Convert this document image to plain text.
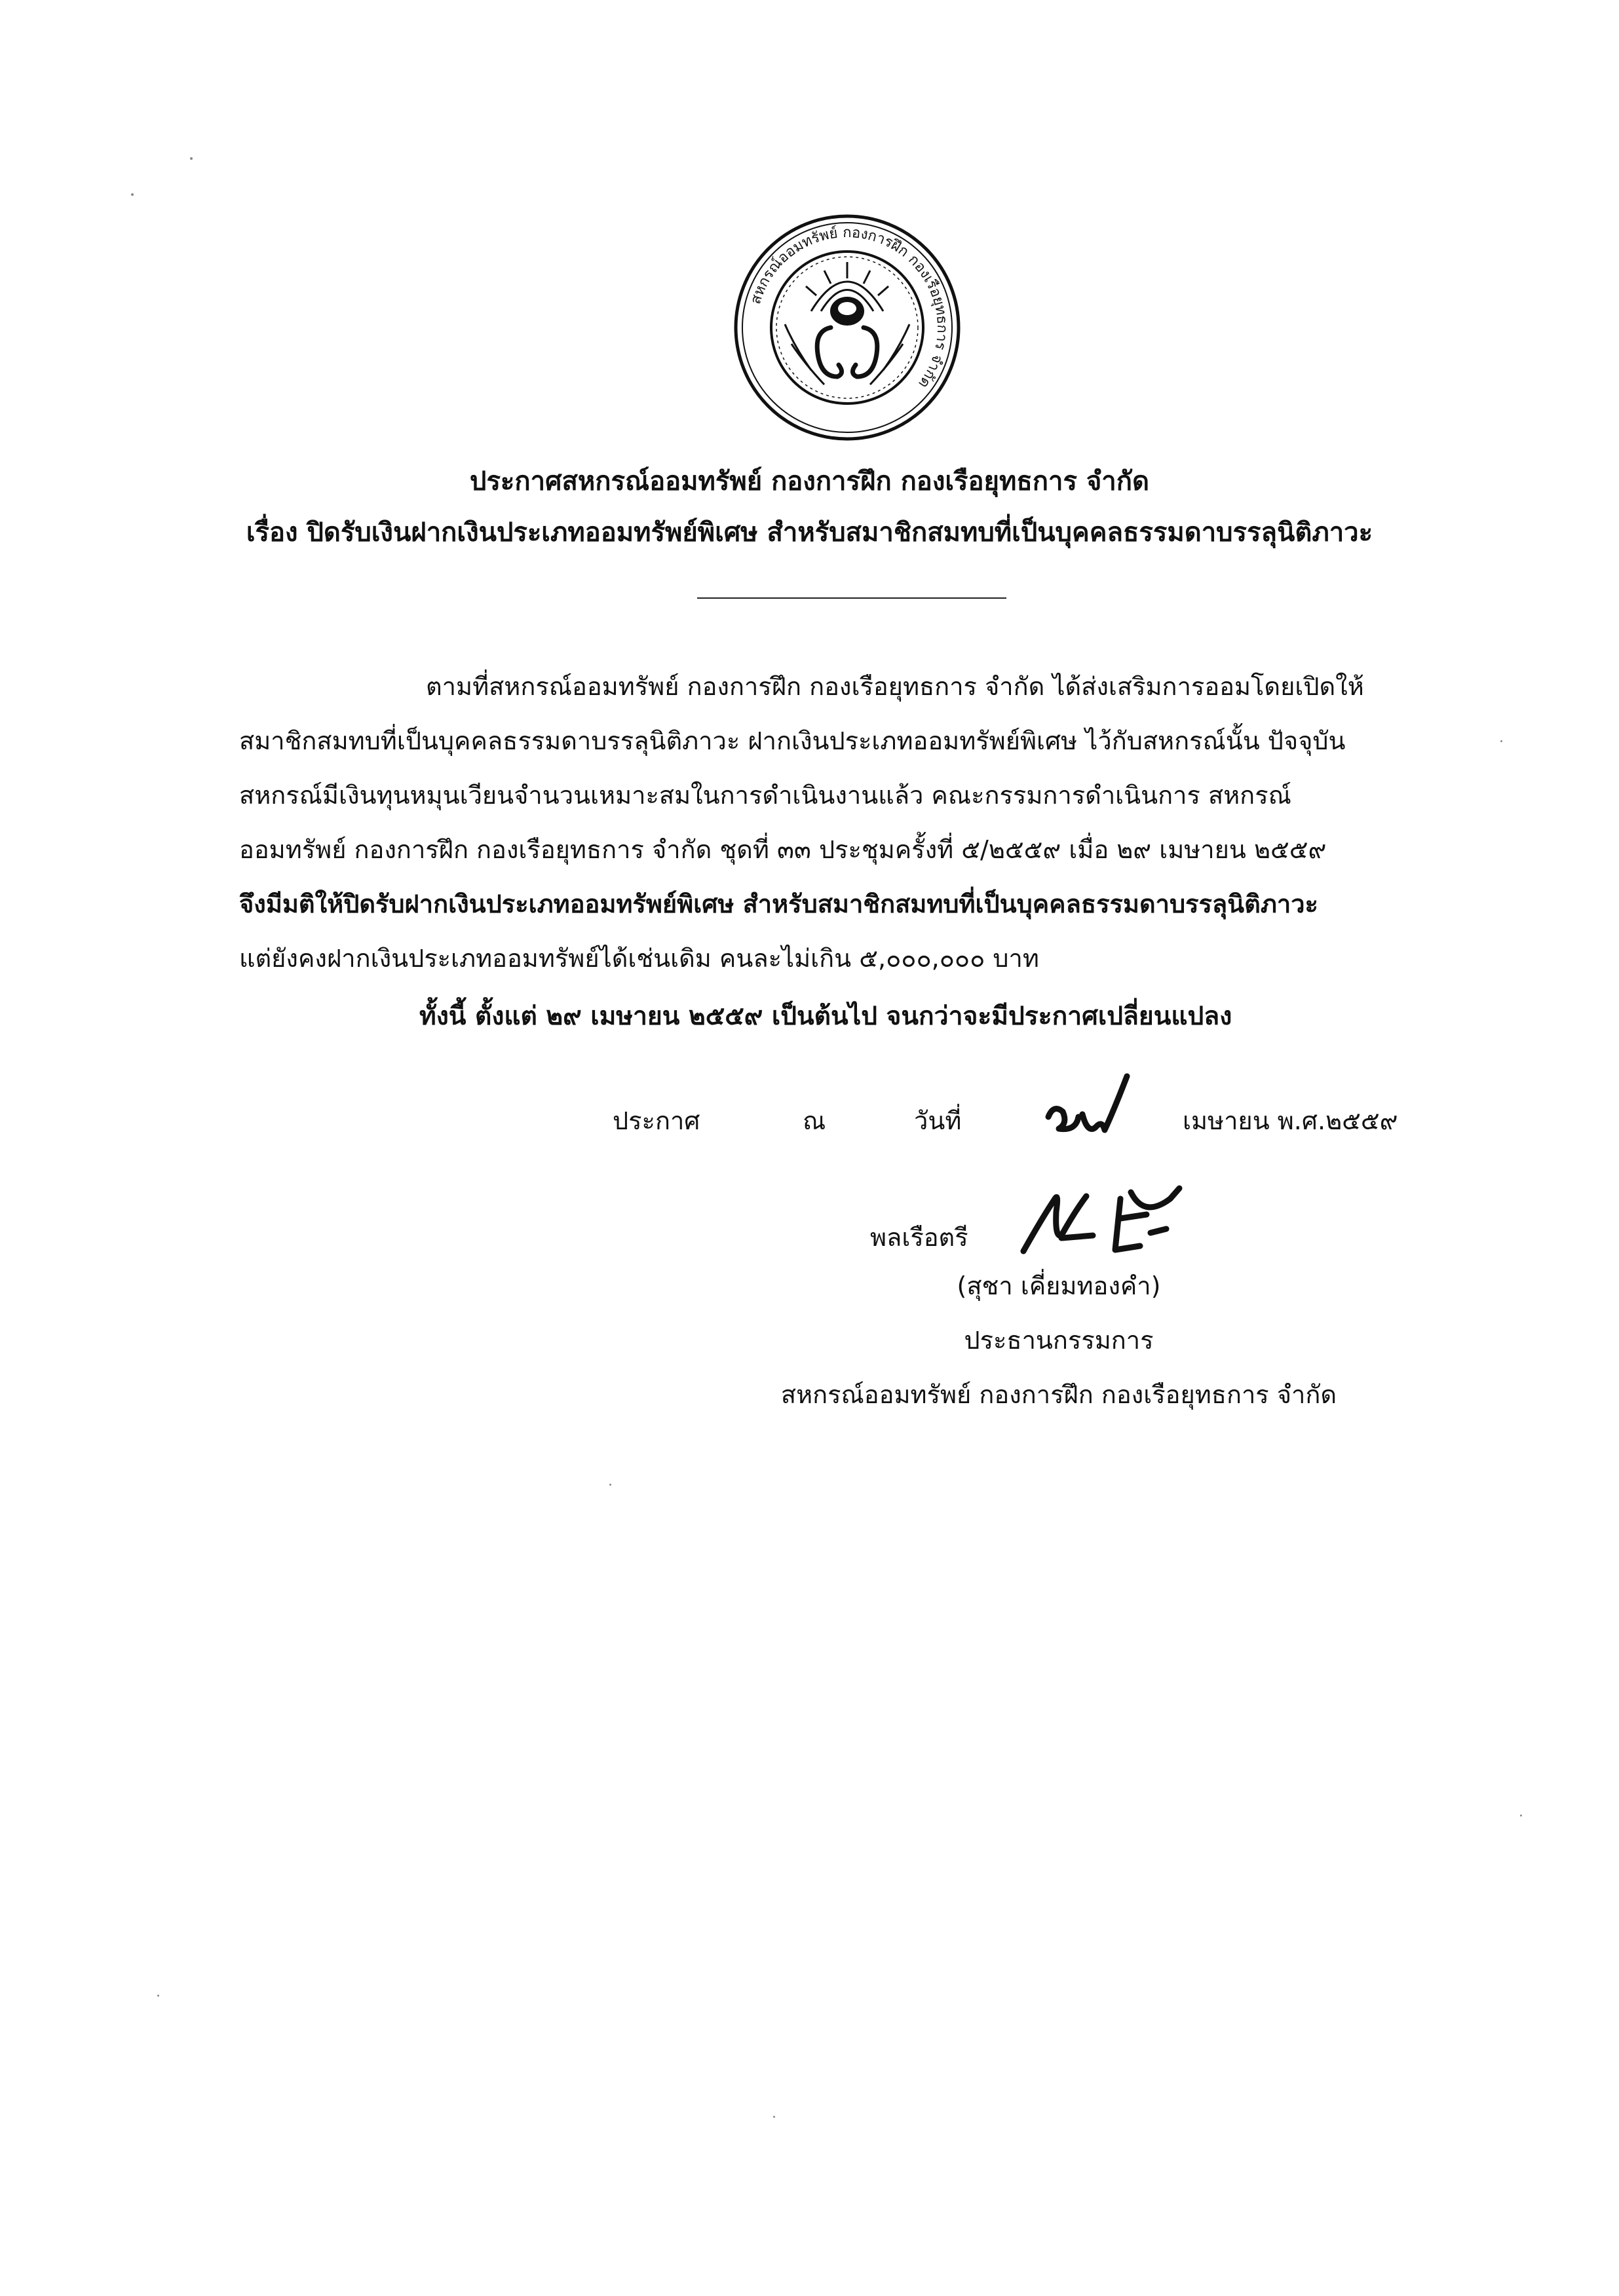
สหกรณ์ออมทรัพย์ กองการฝึก กองเรือยุทธการ จำกัด
ประกาศสหกรณ์ออมทรัพย์ กองการฝึก กองเรือยุทธการ จำกัด
เรื่อง ปิดรับเงินฝากเงินประเภทออมทรัพย์พิเศษ สำหรับสมาชิกสมทบที่เป็นบุคคลธรรมดาบรรลุนิติภาวะ
ตามที่สหกรณ์ออมทรัพย์ กองการฝึก กองเรือยุทธการ จำกัด ได้ส่งเสริมการออมโดยเปิดให้
สมาชิกสมทบที่เป็นบุคคลธรรมดาบรรลุนิติภาวะ ฝากเงินประเภทออมทรัพย์พิเศษ ไว้กับสหกรณ์นั้น ปัจจุบัน
สหกรณ์มีเงินทุนหมุนเวียนจำนวนเหมาะสมในการดำเนินงานแล้ว คณะกรรมการดำเนินการ สหกรณ์
ออมทรัพย์ กองการฝึก กองเรือยุทธการ จำกัด ชุดที่ ๓๓ ประชุมครั้งที่ ๕/๒๕๕๙ เมื่อ ๒๙ เมษายน ๒๕๕๙
จึงมีมติให้ปิดรับฝากเงินประเภทออมทรัพย์พิเศษ สำหรับสมาชิกสมทบที่เป็นบุคคลธรรมดาบรรลุนิติภาวะ
แต่ยังคงฝากเงินประเภทออมทรัพย์ได้เช่นเดิม คนละไม่เกิน ๕,๐๐๐,๐๐๐ บาท
ทั้งนี้ ตั้งแต่ ๒๙ เมษายน ๒๕๕๙ เป็นต้นไป จนกว่าจะมีประกาศเปลี่ยนแปลง
ประกาศ	ณ	วันที่	เมษายน พ.ศ.๒๕๕๙
พลเรือตรี
(สุชา เคี่ยมทองคำ)
ประธานกรรมการ
สหกรณ์ออมทรัพย์ กองการฝึก กองเรือยุทธการ จำกัด
